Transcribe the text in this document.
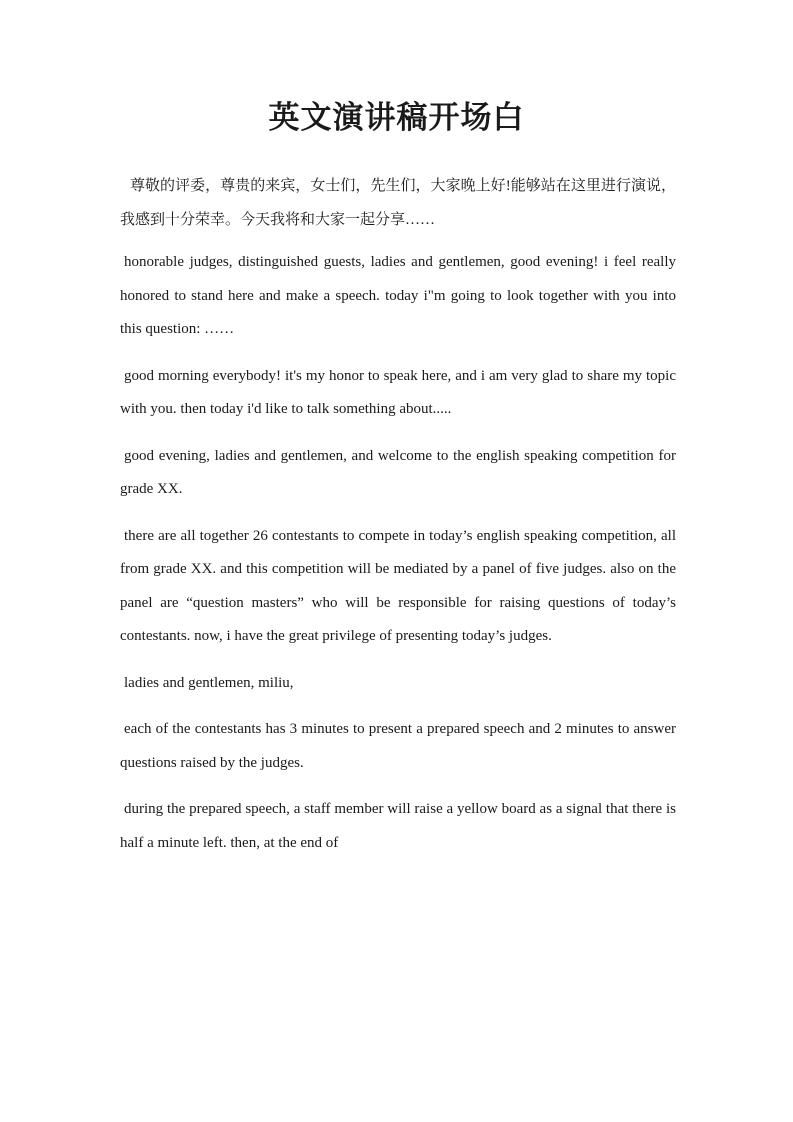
英文演讲稿开场白

尊敬的评委，尊贵的来宾，女士们，先生们，大家晚上好!能够站在这里进行演说，我感到十分荣幸。今天我将和大家一起分享……

honorable judges, distinguished guests, ladies and gentlemen, good evening! i feel really honored to stand here and make a speech. today i"m going to look together with you into this question: ……

good morning everybody! it's my honor to speak here, and i am very glad to share my topic with you. then today i'd like to talk something about.....

good evening, ladies and gentlemen, and welcome to the english speaking competition for grade XX.

there are all together 26 contestants to compete in today’s english speaking competition, all from grade XX. and this competition will be mediated by a panel of five judges. also on the panel are “question masters” who will be responsible for raising questions of today’s contestants. now, i have the great privilege of presenting today’s judges.

ladies and gentlemen, miliu,

each of the contestants has 3 minutes to present a prepared speech and 2 minutes to answer questions raised by the judges.

during the prepared speech, a staff member will raise a yellow board as a signal that there is half a minute left. then, at the end of
